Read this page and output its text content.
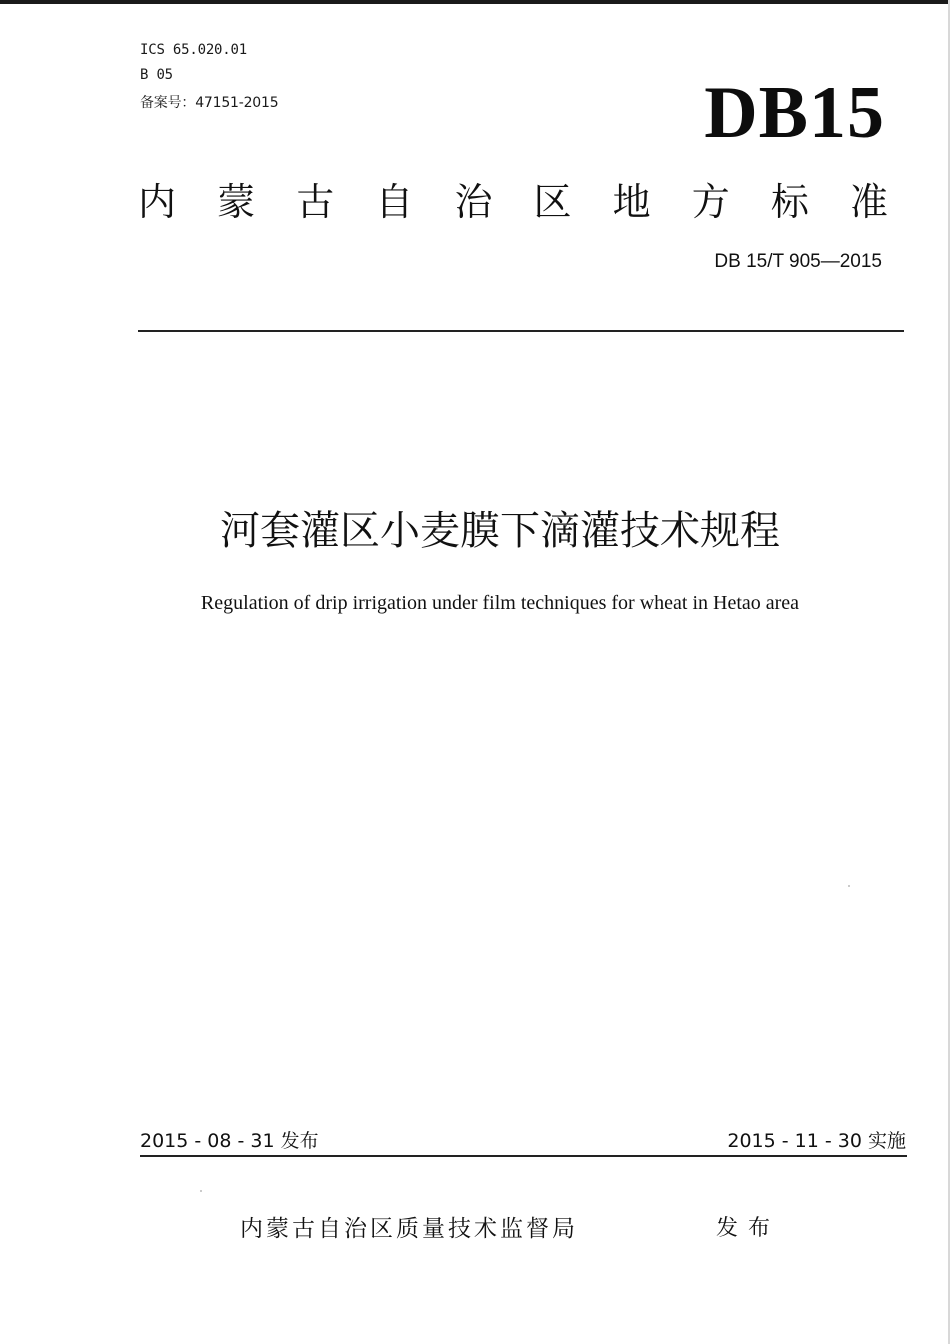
ICS 65.020.01
B 05
备案号：47151-2015	DB15
内 蒙 古 自 治 区 地 方 标 准
DB 15/T 905—2015
河套灌区小麦膜下滴灌技术规程
Regulation of drip irrigation under film techniques for wheat in Hetao area
2015 - 08 - 31 发布	2015 - 11 - 30 实施
内蒙古自治区质量技术监督局	发布
